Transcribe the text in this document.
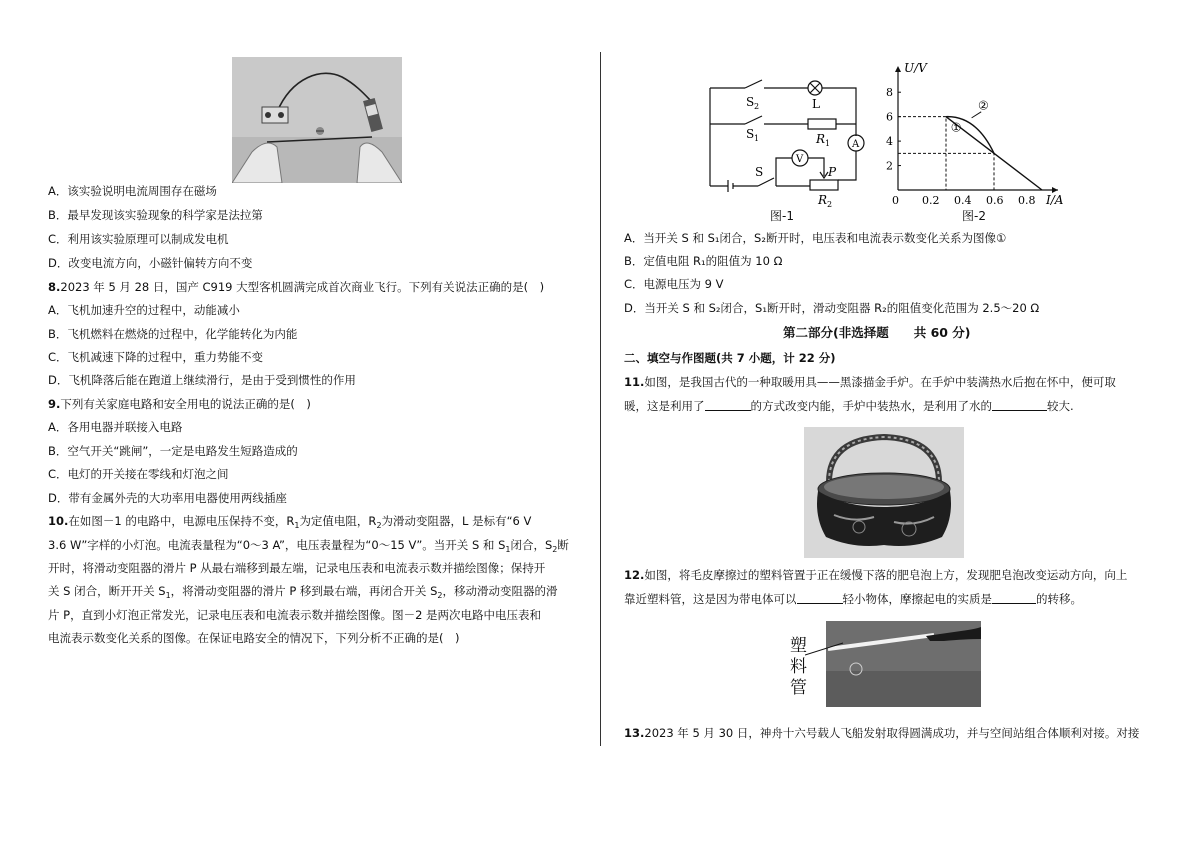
A．该实验说明电流周围存在磁场
B．最早发现该实验现象的科学家是法拉第
C．利用该实验原理可以制成发电机
D．改变电流方向，小磁针偏转方向不变
8.2023 年 5 月 28 日，国产 C919 大型客机圆满完成首次商业飞行。下列有关说法正确的是(　)
A．飞机加速升空的过程中，动能减小
B．飞机燃料在燃烧的过程中，化学能转化为内能
C．飞机减速下降的过程中，重力势能不变
D．飞机降落后能在跑道上继续滑行，是由于受到惯性的作用
9.下列有关家庭电路和安全用电的说法正确的是(　)
A．各用电器并联接入电路
B．空气开关“跳闸”，一定是电路发生短路造成的
C．电灯的开关接在零线和灯泡之间
D．带有金属外壳的大功率用电器使用两线插座
10.在如图－1 的电路中，电源电压保持不变，$R_1$为定值电阻，$R_2$为滑动变阻器，L 是标有“6 V
3.6 W”字样的小灯泡。电流表量程为“0～3 A”，电压表量程为“0～15 V”。当开关 S 和 $S_1$闭合，$S_2$断
开时，将滑动变阻器的滑片 P 从最右端移到最左端，记录电压表和电流表示数并描绘图像；保持开
关 S 闭合，断开开关 $S_1$，将滑动变阻器的滑片 P 移到最右端，再闭合开关 $S_2$，移动滑动变阻器的滑
片 P，直到小灯泡正常发光，记录电压表和电流表示数并描绘图像。图－2 是两次电路中电压表和
电流表示数变化关系的图像。在保证电路安全的情况下，下列分析不正确的是(　)
S 2	L
S 1	R 1 A
V
S	P
R 2
图-1
0 0.2 0.4 0.6 0.8
2
4
6
8
U/V
I/A
①
②
图-2
A．当开关 S 和 S₁闭合，S₂断开时，电压表和电流表示数变化关系为图像①
B．定值电阻 R₁的阻值为 10 Ω
C．电源电压为 9 V
D．当开关 S 和 S₂闭合，S₁断开时，滑动变阻器 R₂的阻值变化范围为 2.5～20 Ω
第二部分(非选择题　　共 60 分)
二、填空与作图题(共 7 小题，计 22 分)
11.如图，是我国古代的一种取暖用具——黑漆描金手炉。在手炉中装满热水后抱在怀中，便可取
暖，这是利用了	的方式改变内能，手炉中装热水，是利用了水的	较大.
12.如图，将毛皮摩擦过的塑料管置于正在缓慢下落的肥皂泡上方，发现肥皂泡改变运动方向，向上
靠近塑料管，这是因为带电体可以	轻小物体，摩擦起电的实质是	的转移。
塑料管
13.2023 年 5 月 30 日，神舟十六号载人飞船发射取得圆满成功，并与空间站组合体顺利对接。对接
